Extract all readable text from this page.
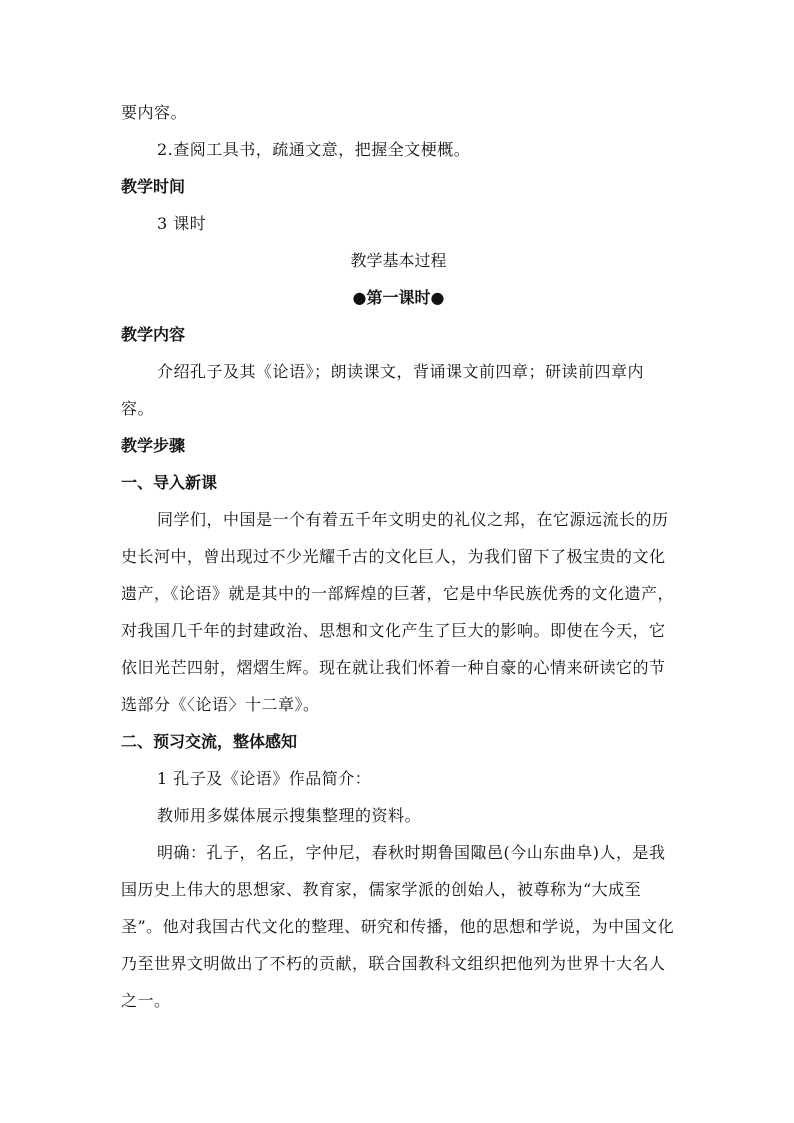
要内容。

2.查阅工具书，疏通文意，把握全文梗概。

教学时间

3 课时

教学基本过程

●第一课时●

教学内容

介绍孔子及其《论语》；朗读课文，背诵课文前四章；研读前四章内容。

教学步骤

一、导入新课

同学们，中国是一个有着五千年文明史的礼仪之邦，在它源远流长的历史长河中，曾出现过不少光耀千古的文化巨人，为我们留下了极宝贵的文化遗产，《论语》就是其中的一部辉煌的巨著，它是中华民族优秀的文化遗产，对我国几千年的封建政治、思想和文化产生了巨大的影响。即使在今天，它依旧光芒四射，熠熠生辉。现在就让我们怀着一种自豪的心情来研读它的节选部分《〈论语〉十二章》。

二、预习交流，整体感知

1 孔子及《论语》作品简介：

教师用多媒体展示搜集整理的资料。

明确：孔子，名丘，字仲尼，春秋时期鲁国陬邑(今山东曲阜)人，是我国历史上伟大的思想家、教育家，儒家学派的创始人，被尊称为“大成至圣”。他对我国古代文化的整理、研究和传播，他的思想和学说，为中国文化乃至世界文明做出了不朽的贡献，联合国教科文组织把他列为世界十大名人之一。
